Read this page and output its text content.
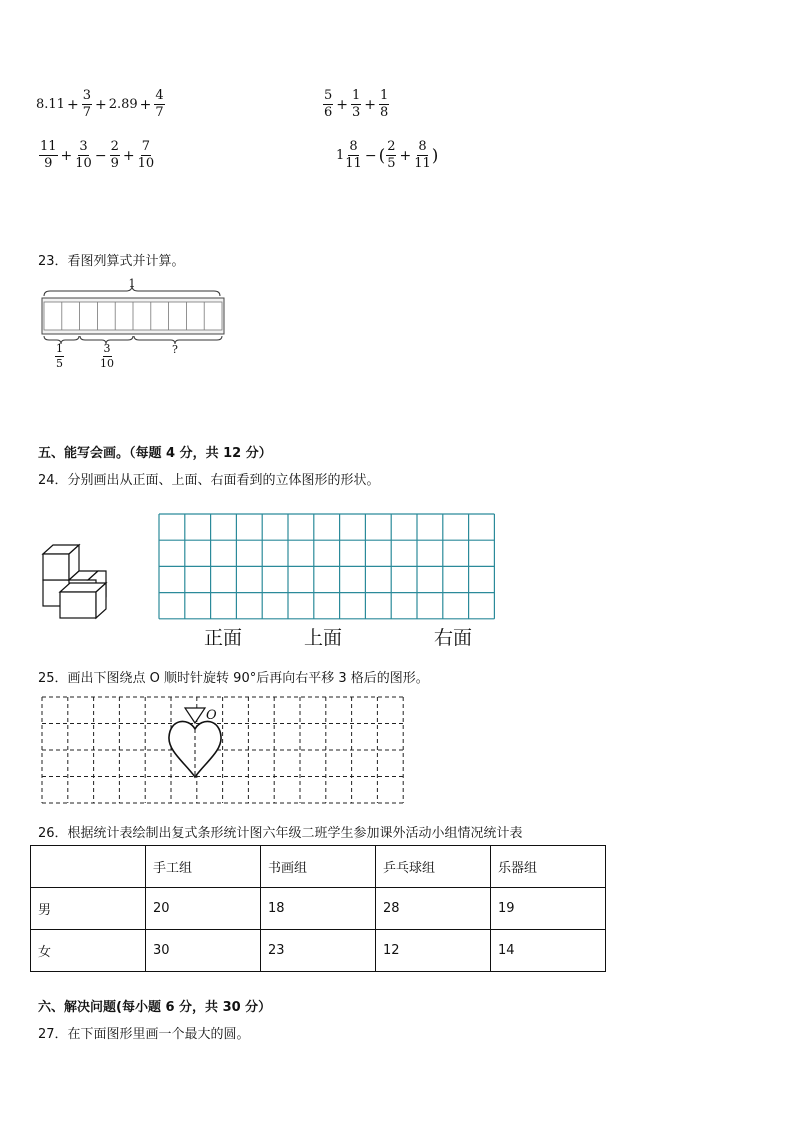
$8.11 + \frac{3}{7} + 2.89 + \frac{4}{7}$	$\frac{5}{6} + \frac{1}{3} + \frac{1}{8}$
$\frac{11}{9} + \frac{3}{10} - \frac{2}{9} + \frac{7}{10}$	$1 \frac{8}{11}$ − ( $\frac{2}{5} + \frac{8}{11}$ )
23．看图列算式并计算。
1
$\frac{1}{5}$	$\frac{3}{10}$	?
五、能写会画。（每题 4 分，共 12 分）
24．分别画出从正面、上面、右面看到的立体图形的形状。
正面	上面	右面
25．画出下图绕点 O 顺时针旋转 90°后再向右平移 3 格后的图形。
O
26．根据统计表绘制出复式条形统计图六年级二班学生参加课外活动小组情况统计表
	手工组	书画组	乒乓球组	乐器组
男	20	18	28	19
女	30	23	12	14
六、解决问题(每小题 6 分，共 30 分）
27．在下面图形里画一个最大的圆。
